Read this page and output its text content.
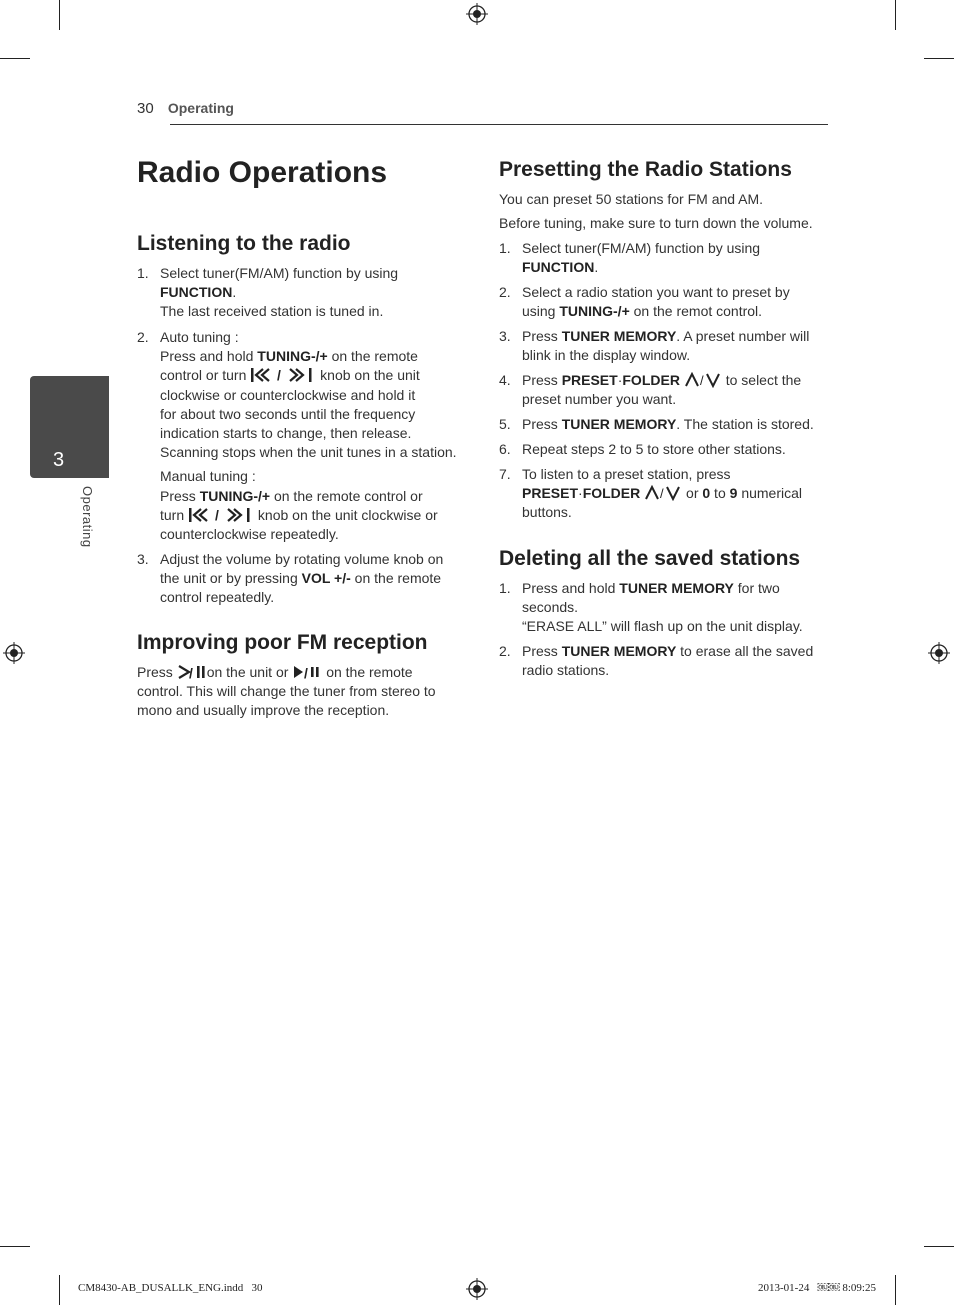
30 Operating
3
Operating
Radio Operations
Listening to the radio
1. Select tuner(FM/AM) function by using
FUNCTION.
The last received station is tuned in.
2. Auto tuning :
Press and hold TUNING-/+ on the remote
control or turn /	knob on the unit
clockwise or counterclockwise and hold it
for about two seconds until the frequency
indication starts to change, then release.
Scanning stops when the unit tunes in a station.
Manual tuning :
Press TUNING-/+ on the remote control or
turn /	knob on the unit clockwise or
counterclockwise repeatedly.
3. Adjust the volume by rotating volume knob on
the unit or by pressing VOL +/- on the remote
control repeatedly.
Improving poor FM reception
Press / on the unit or / on the remote
control. This will change the tuner from stereo to
mono and usually improve the reception.
Presetting the Radio Stations
You can preset 50 stations for FM and AM.
Before tuning, make sure to turn down the volume.
1. Select tuner(FM/AM) function by using
FUNCTION.
2. Select a radio station you want to preset by
using TUNING-/+ on the remot control.
3. Press TUNER MEMORY. A preset number will
blink in the display window.
4. Press PRESET·FOLDER / to select the
preset number you want.
5. Press TUNER MEMORY. The station is stored.
6. Repeat steps 2 to 5 to store other stations.
7. To listen to a preset station, press
PRESET·FOLDER / or 0 to 9 numerical
buttons.
Deleting all the saved stations
1. Press and hold TUNER MEMORY for two
seconds.
“ERASE ALL” will flash up on the unit display.
2. Press TUNER MEMORY to erase all the saved
radio stations.
CM8430-AB_DUSALLK_ENG.indd   30	2013-01-24   ￼￼ 8:09:25
